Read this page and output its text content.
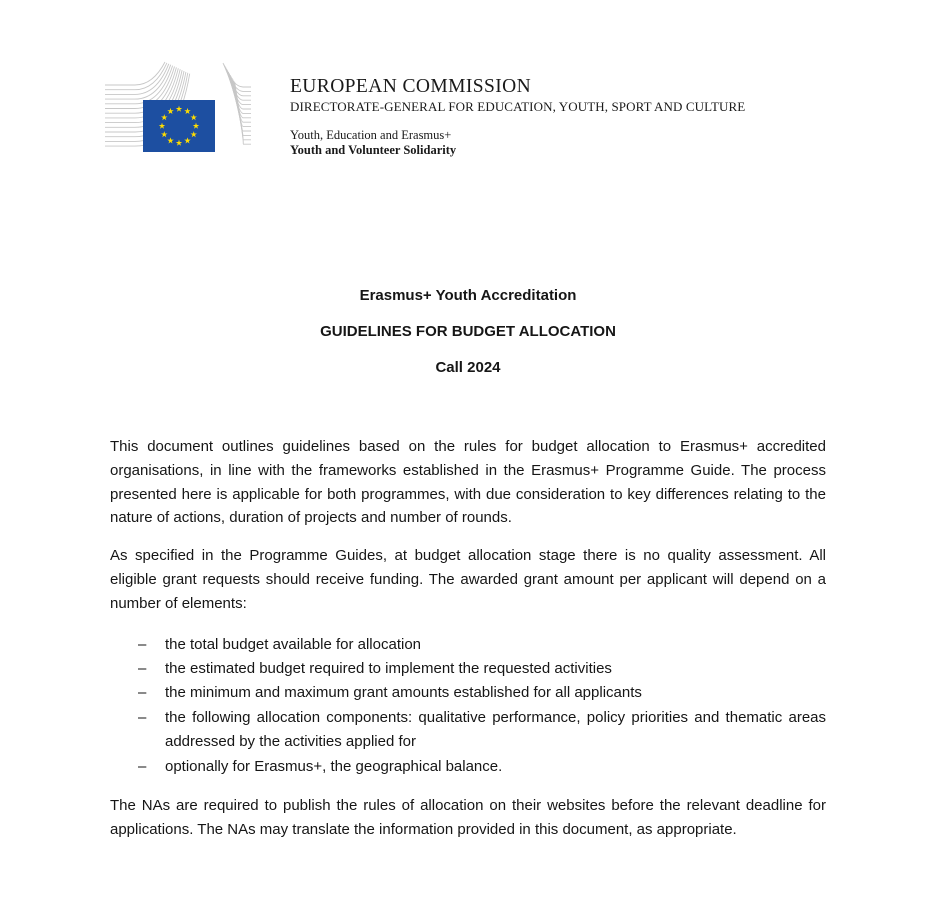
EUROPEAN COMMISSION
DIRECTORATE-GENERAL FOR EDUCATION, YOUTH, SPORT AND CULTURE
Youth, Education and Erasmus+
Youth and Volunteer Solidarity
Erasmus+ Youth Accreditation
GUIDELINES FOR BUDGET ALLOCATION
Call 2024

This document outlines guidelines based on the rules for budget allocation to Erasmus+ accredited organisations, in line with the frameworks established in the Erasmus+ Programme Guide. The process presented here is applicable for both programmes, with due consideration to key differences relating to the nature of actions, duration of projects and number of rounds.

As specified in the Programme Guides, at budget allocation stage there is no quality assessment. All eligible grant requests should receive funding. The awarded grant amount per applicant will depend on a number of elements:

– the total budget available for allocation
– the estimated budget required to implement the requested activities
– the minimum and maximum grant amounts established for all applicants
– the following allocation components: qualitative performance, policy priorities and thematic areas addressed by the activities applied for
– optionally for Erasmus+, the geographical balance.

The NAs are required to publish the rules of allocation on their websites before the relevant deadline for applications. The NAs may translate the information provided in this document, as appropriate.
